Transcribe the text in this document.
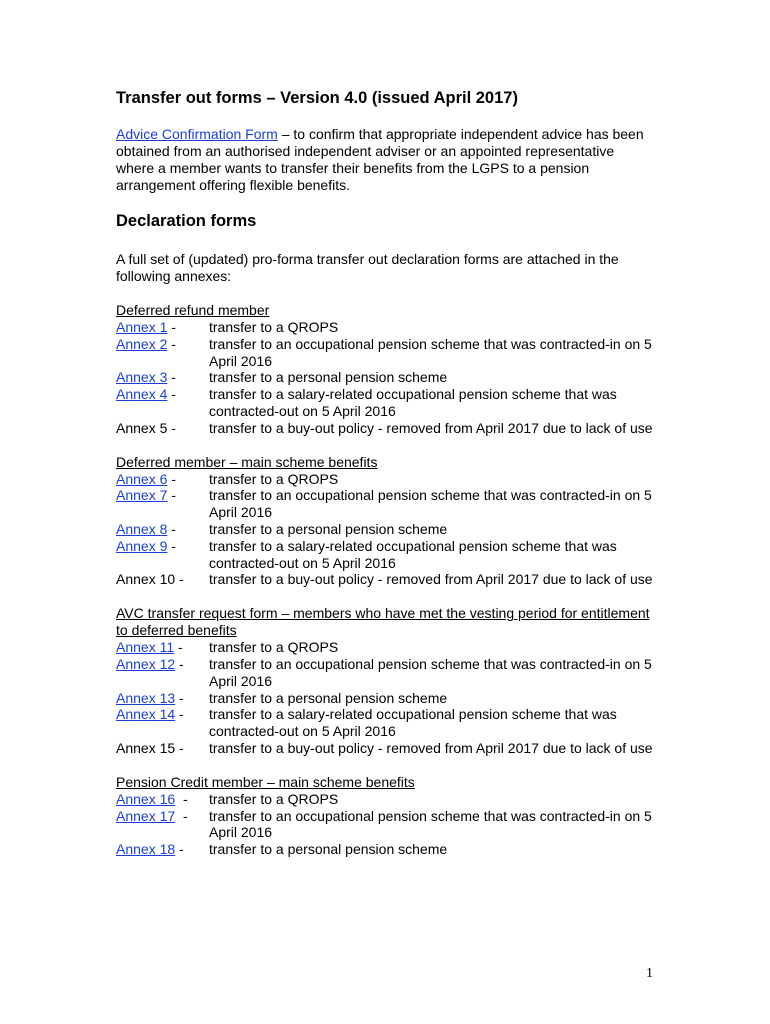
Transfer out forms – Version 4.0 (issued April 2017)

Advice Confirmation Form – to confirm that appropriate independent advice has been obtained from an authorised independent adviser or an appointed representative where a member wants to transfer their benefits from the LGPS to a pension arrangement offering flexible benefits.

Declaration forms

A full set of (updated) pro-forma transfer out declaration forms are attached in the following annexes:

Deferred refund member

Annex 1 -	transfer to a QROPS
Annex 2 -	transfer to an occupational pension scheme that was contracted-in on 5 April 2016
Annex 3 -	transfer to a personal pension scheme
Annex 4 -	transfer to a salary-related occupational pension scheme that was contracted-out on 5 April 2016
Annex 5 -	transfer to a buy-out policy - removed from April 2017 due to lack of use

Deferred member – main scheme benefits

Annex 6 -	transfer to a QROPS
Annex 7 -	transfer to an occupational pension scheme that was contracted-in on 5 April 2016
Annex 8 -	transfer to a personal pension scheme
Annex 9 -	transfer to a salary-related occupational pension scheme that was contracted-out on 5 April 2016
Annex 10 -	transfer to a buy-out policy - removed from April 2017 due to lack of use

AVC transfer request form – members who have met the vesting period for entitlement to deferred benefits

Annex 11 -	transfer to a QROPS
Annex 12 -	transfer to an occupational pension scheme that was contracted-in on 5 April 2016
Annex 13 -	transfer to a personal pension scheme
Annex 14 -	transfer to a salary-related occupational pension scheme that was contracted-out on 5 April 2016
Annex 15 -	transfer to a buy-out policy - removed from April 2017 due to lack of use

Pension Credit member – main scheme benefits

Annex 16  -	transfer to a QROPS
Annex 17  -	transfer to an occupational pension scheme that was contracted-in on 5 April 2016
Annex 18 -	transfer to a personal pension scheme
1
